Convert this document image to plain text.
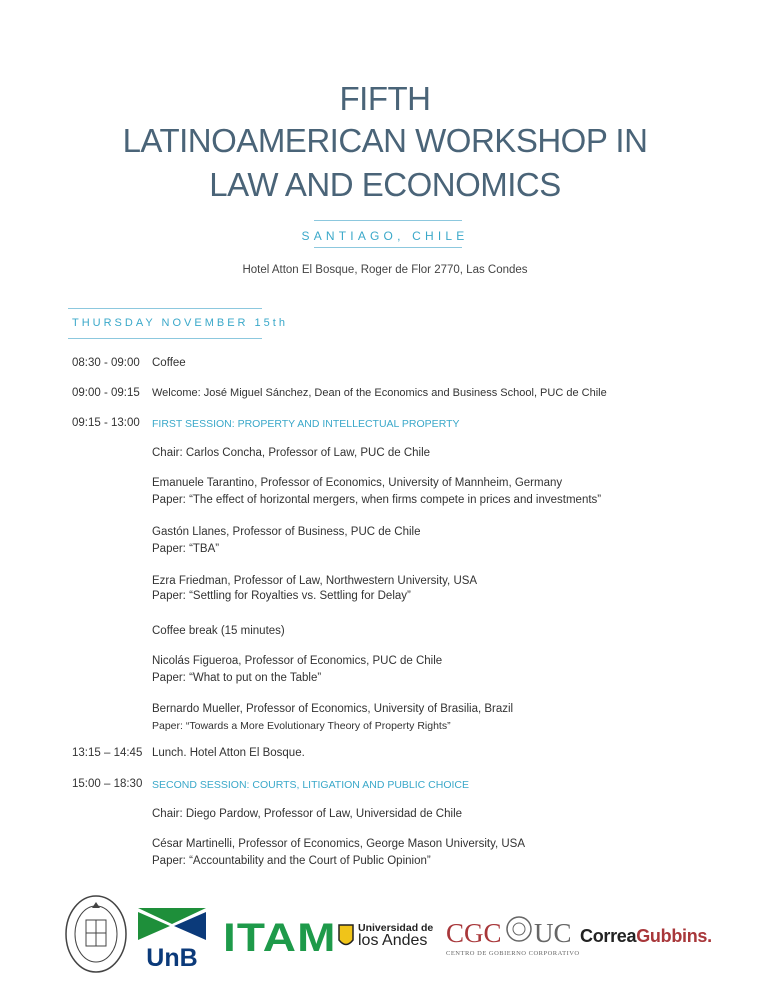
FIFTH
LATINOAMERICAN WORKSHOP IN
LAW AND ECONOMICS
SANTIAGO, CHILE
Hotel Atton El Bosque, Roger de Flor 2770, Las Condes
THURSDAY NOVEMBER 15th
08:30 - 09:00 Coffee
09:00 - 09:15 Welcome: José Miguel Sánchez, Dean of the Economics and Business School, PUC de Chile
09:15 - 13:00 FIRST SESSION: PROPERTY AND INTELLECTUAL PROPERTY
Chair: Carlos Concha, Professor of Law, PUC de Chile
Emanuele Tarantino, Professor of Economics, University of Mannheim, Germany
Paper: “The effect of horizontal mergers, when firms compete in prices and investments”
Gastón Llanes, Professor of Business, PUC de Chile
Paper: “TBA”
Ezra Friedman, Professor of Law, Northwestern University, USA
Paper: “Settling for Royalties vs. Settling for Delay”
Coffee break (15 minutes)
Nicolás Figueroa, Professor of Economics, PUC de Chile
Paper: “What to put on the Table”
Bernardo Mueller, Professor of Economics, University of Brasilia, Brazil
Paper: “Towards a More Evolutionary Theory of Property Rights”
13:15 – 14:45 Lunch. Hotel Atton El Bosque.
15:00 – 18:30 SECOND SESSION: COURTS, LITIGATION AND PUBLIC CHOICE
Chair: Diego Pardow, Professor of Law, Universidad de Chile
César Martinelli, Professor of Economics, George Mason University, USA
Paper: “Accountability and the Court of Public Opinion”
UnB ITAM Universidad de
los Andes CGC UC
CENTRO DE GOBIERNO CORPORATIVO
CorreaGubbins.
